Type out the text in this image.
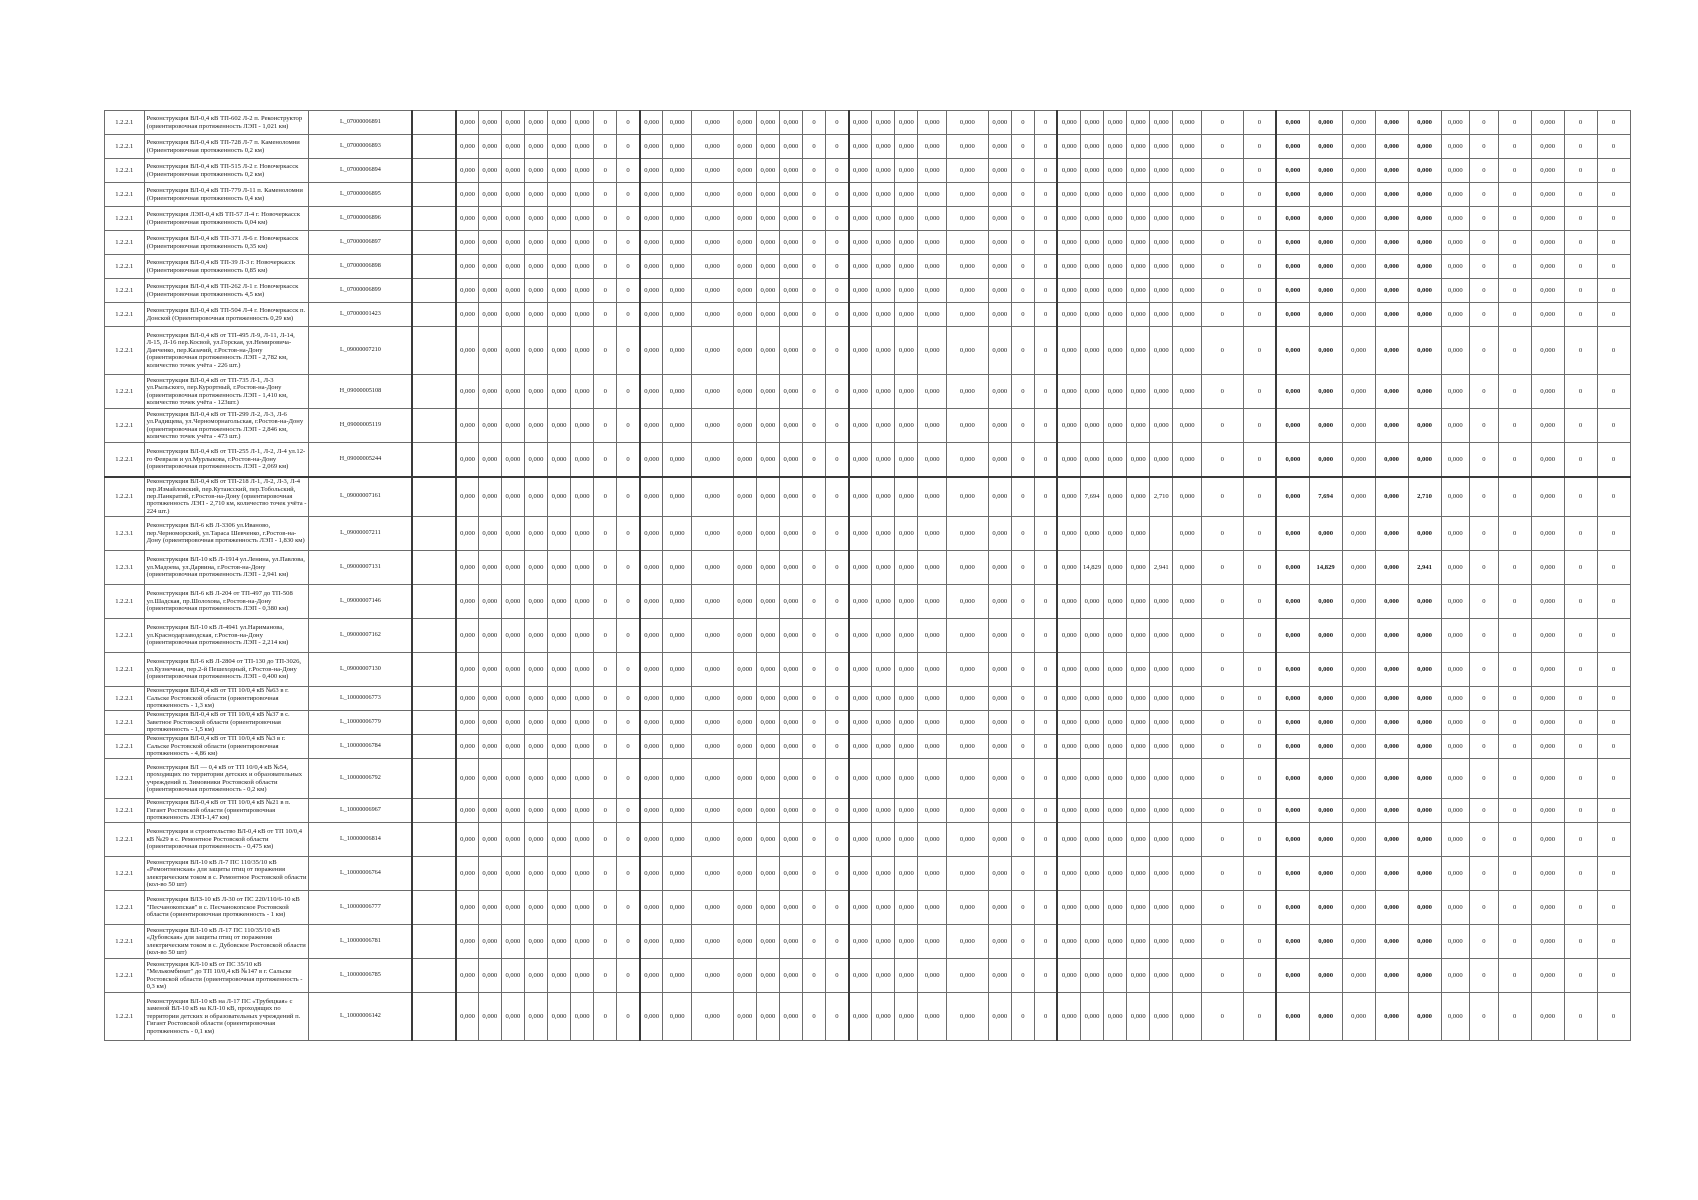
1.2.2.1	Реконструкция ВЛ-0,4 кВ ТП-602 Л-2 п. Реконструктор (ориентировочная протяженность ЛЭП - 1,021 км)	L_07000006891		0,000	0,000	0,000	0,000	0,000	0,000	0	0	0,000	0,000	0,000	0,000	0,000	0,000	0	0	0,000	0,000	0,000	0,000	0,000	0,000	0	0	0,000	0,000	0,000	0,000	0,000	0,000	0	0	0,000	0,000	0,000	0,000	0,000	0,000	0	0	0,000	0	0
1.2.2.1	Реконструкция ВЛ-0,4 кВ ТП-728 Л-7 п. Каменоломни (Ориентировочная протяженность 0,2 км)	L_07000006893		0,000	0,000	0,000	0,000	0,000	0,000	0	0	0,000	0,000	0,000	0,000	0,000	0,000	0	0	0,000	0,000	0,000	0,000	0,000	0,000	0	0	0,000	0,000	0,000	0,000	0,000	0,000	0	0	0,000	0,000	0,000	0,000	0,000	0,000	0	0	0,000	0	0
1.2.2.1	Реконструкция ВЛ-0,4 кВ ТП-515 Л-2 г. Новочеркасск (Ориентировочная протяженность 0,2 км)	L_07000006894		0,000	0,000	0,000	0,000	0,000	0,000	0	0	0,000	0,000	0,000	0,000	0,000	0,000	0	0	0,000	0,000	0,000	0,000	0,000	0,000	0	0	0,000	0,000	0,000	0,000	0,000	0,000	0	0	0,000	0,000	0,000	0,000	0,000	0,000	0	0	0,000	0	0
1.2.2.1	Реконструкция ВЛ-0,4 кВ ТП-779 Л-11 п. Каменоломни (Ориентировочная протяженность 0,4 км)	L_07000006895		0,000	0,000	0,000	0,000	0,000	0,000	0	0	0,000	0,000	0,000	0,000	0,000	0,000	0	0	0,000	0,000	0,000	0,000	0,000	0,000	0	0	0,000	0,000	0,000	0,000	0,000	0,000	0	0	0,000	0,000	0,000	0,000	0,000	0,000	0	0	0,000	0	0
1.2.2.1	Реконструкция ЛЭП-0,4 кВ ТП-57 Л-4 г. Новочеркасск (Ориентировочная протяженность 0,04 км)	L_07000006896		0,000	0,000	0,000	0,000	0,000	0,000	0	0	0,000	0,000	0,000	0,000	0,000	0,000	0	0	0,000	0,000	0,000	0,000	0,000	0,000	0	0	0,000	0,000	0,000	0,000	0,000	0,000	0	0	0,000	0,000	0,000	0,000	0,000	0,000	0	0	0,000	0	0
1.2.2.1	Реконструкция ВЛ-0,4 кВ ТП-371 Л-6 г. Новочеркасск (Ориентировочная протяженность 0,35 км)	L_07000006897		0,000	0,000	0,000	0,000	0,000	0,000	0	0	0,000	0,000	0,000	0,000	0,000	0,000	0	0	0,000	0,000	0,000	0,000	0,000	0,000	0	0	0,000	0,000	0,000	0,000	0,000	0,000	0	0	0,000	0,000	0,000	0,000	0,000	0,000	0	0	0,000	0	0
1.2.2.1	Реконструкция ВЛ-0,4 кВ ТП-39 Л-3 г. Новочеркасск (Ориентировочная протяженность 0,85 км)	L_07000006898		0,000	0,000	0,000	0,000	0,000	0,000	0	0	0,000	0,000	0,000	0,000	0,000	0,000	0	0	0,000	0,000	0,000	0,000	0,000	0,000	0	0	0,000	0,000	0,000	0,000	0,000	0,000	0	0	0,000	0,000	0,000	0,000	0,000	0,000	0	0	0,000	0	0
1.2.2.1	Реконструкция ВЛ-0,4 кВ ТП-262 Л-1 г. Новочеркасск (Ориентировочная протяженность 4,5 км)	L_07000006899		0,000	0,000	0,000	0,000	0,000	0,000	0	0	0,000	0,000	0,000	0,000	0,000	0,000	0	0	0,000	0,000	0,000	0,000	0,000	0,000	0	0	0,000	0,000	0,000	0,000	0,000	0,000	0	0	0,000	0,000	0,000	0,000	0,000	0,000	0	0	0,000	0	0
1.2.2.1	Реконструкция ВЛ-0,4 кВ ТП-504 Л-4 г. Новочеркасск п. Донской (Ориентировочная протяженность 0,29 км)	L_07000001423		0,000	0,000	0,000	0,000	0,000	0,000	0	0	0,000	0,000	0,000	0,000	0,000	0,000	0	0	0,000	0,000	0,000	0,000	0,000	0,000	0	0	0,000	0,000	0,000	0,000	0,000	0,000	0	0	0,000	0,000	0,000	0,000	0,000	0,000	0	0	0,000	0	0
1.2.2.1	Реконструкция ВЛ-0,4 кВ от ТП-495 Л-9, Л-11, Л-14, Л-15, Л-16 пер.Косвой, ул.Горская, ул.Немировича-Данченко, пер.Казачий, г.Ростов-на-Дону (ориентировочная протяженность ЛЭП - 2,782 км, количество точек учёта - 226 шт.)	L_09000007210		0,000	0,000	0,000	0,000	0,000	0,000	0	0	0,000	0,000	0,000	0,000	0,000	0,000	0	0	0,000	0,000	0,000	0,000	0,000	0,000	0	0	0,000	0,000	0,000	0,000	0,000	0,000	0	0	0,000	0,000	0,000	0,000	0,000	0,000	0	0	0,000	0	0
1.2.2.1	Реконструкция ВЛ-0,4 кВ от ТП-735 Л-1, Л-3 ул.Рыльского, пер.Курортный, г.Ростов-на-Дону (ориентировочная протяженность ЛЭП - 1,410 км, количество точек учёта - 123шт.)	H_09000005108		0,000	0,000	0,000	0,000	0,000	0,000	0	0	0,000	0,000	0,000	0,000	0,000	0,000	0	0	0,000	0,000	0,000	0,000	0,000	0,000	0	0	0,000	0,000	0,000	0,000	0,000	0,000	0	0	0,000	0,000	0,000	0,000	0,000	0,000	0	0	0,000	0	0
1.2.2.1	Реконструкция ВЛ-0,4 кВ от ТП-299 Л-2, Л-3, Л-6 ул.Радищева, ул.Черноморнагольская, г.Ростов-на-Дону (ориентировочная протяженность ЛЭП - 2,846 км, количество точек учёта - 473 шт.)	H_09000005119		0,000	0,000	0,000	0,000	0,000	0,000	0	0	0,000	0,000	0,000	0,000	0,000	0,000	0	0	0,000	0,000	0,000	0,000	0,000	0,000	0	0	0,000	0,000	0,000	0,000	0,000	0,000	0	0	0,000	0,000	0,000	0,000	0,000	0,000	0	0	0,000	0	0
1.2.2.1	Реконструкция ВЛ-0,4 кВ от ТП-255 Л-1, Л-2, Л-4 ул.12-го Февраля и ул.Мурлыкова, г.Ростов-на-Дону (ориентировочная протяженность ЛЭП - 2,069 км)	H_09000005244		0,000	0,000	0,000	0,000	0,000	0,000	0	0	0,000	0,000	0,000	0,000	0,000	0,000	0	0	0,000	0,000	0,000	0,000	0,000	0,000	0	0	0,000	0,000	0,000	0,000	0,000	0,000	0	0	0,000	0,000	0,000	0,000	0,000	0,000	0	0	0,000	0	0
1.2.2.1	Реконструкция ВЛ-0,4 кВ от ТП-218 Л-1, Л-2, Л-3, Л-4 пер.Измайловский, пер.Кутаисский, пер.Тобольский, пер.Панкратий, г.Ростов-на-Дону (ориентировочная протяженность ЛЭП - 2,710 км, количество точек учёта - 224 шт.)	L_09000007161		0,000	0,000	0,000	0,000	0,000	0,000	0	0	0,000	0,000	0,000	0,000	0,000	0,000	0	0	0,000	0,000	0,000	0,000	0,000	0,000	0	0	0,000	7,694	0,000	0,000	2,710	0,000	0	0	0,000	7,694	0,000	0,000	2,710	0,000	0	0	0,000	0	0
1.2.3.1	Реконструкция ВЛ-6 кВ Л-3306 ул.Иваново, пер.Черноморский, ул.Тараса Шевченко, г.Ростов-на-Дону (ориентировочная протяженность ЛЭП - 1,830 км)	L_09000007211		0,000	0,000	0,000	0,000	0,000	0,000	0	0	0,000	0,000	0,000	0,000	0,000	0,000	0	0	0,000	0,000	0,000	0,000	0,000	0,000	0	0	0,000	0,000	0,000	0,000		0,000	0	0	0,000	0,000	0,000	0,000	0,000	0,000	0	0	0,000	0	0
1.2.3.1	Реконструкция ВЛ-10 кВ Л-1914 ул.Ленина, ул.Павлова, ул.Мадоева, ул.Дарвина, г.Ростов-на-Дону (ориентировочная протяженность ЛЭП - 2,941 км)	L_09000007131		0,000	0,000	0,000	0,000	0,000	0,000	0	0	0,000	0,000	0,000	0,000	0,000	0,000	0	0	0,000	0,000	0,000	0,000	0,000	0,000	0	0	0,000	14,829	0,000	0,000	2,941	0,000	0	0	0,000	14,829	0,000	0,000	2,941	0,000	0	0	0,000	0	0
1.2.2.1	Реконструкция ВЛ-6 кВ Л-204 от ТП-497 до ТП-508 ул.Шадская, пр.Шолохова, г.Ростов-на-Дону (ориентировочная протяженность ЛЭП - 0,380 км)	L_09000007146		0,000	0,000	0,000	0,000	0,000	0,000	0	0	0,000	0,000	0,000	0,000	0,000	0,000	0	0	0,000	0,000	0,000	0,000	0,000	0,000	0	0	0,000	0,000	0,000	0,000	0,000	0,000	0	0	0,000	0,000	0,000	0,000	0,000	0,000	0	0	0,000	0	0
1.2.2.1	Реконструкция ВЛ-10 кВ Л-4941 ул.Нариманова, ул.Краснодарзаводская, г.Ростов-на-Дону (ориентировочная протяженность ЛЭП - 2,214 км)	L_09000007162		0,000	0,000	0,000	0,000	0,000	0,000	0	0	0,000	0,000	0,000	0,000	0,000	0,000	0	0	0,000	0,000	0,000	0,000	0,000	0,000	0	0	0,000	0,000	0,000	0,000	0,000	0,000	0	0	0,000	0,000	0,000	0,000	0,000	0,000	0	0	0,000	0	0
1.2.2.1	Реконструкция ВЛ-6 кВ Л-2804 от ТП-130 до ТП-3026, ул.Кузнечная, пер.2-й Пешеходный, г.Ростов-на-Дону (ориентировочная протяженность ЛЭП - 0,400 км)	L_09000007130		0,000	0,000	0,000	0,000	0,000	0,000	0	0	0,000	0,000	0,000	0,000	0,000	0,000	0	0	0,000	0,000	0,000	0,000	0,000	0,000	0	0	0,000	0,000	0,000	0,000	0,000	0,000	0	0	0,000	0,000	0,000	0,000	0,000	0,000	0	0	0,000	0	0
1.2.2.1	Реконструкция ВЛ-0,4 кВ от ТП 10/0,4 кВ №63 в г. Сальске Ростовской области (ориентировочная протяженность - 1,3 км)	L_10000006773		0,000	0,000	0,000	0,000	0,000	0,000	0	0	0,000	0,000	0,000	0,000	0,000	0,000	0	0	0,000	0,000	0,000	0,000	0,000	0,000	0	0	0,000	0,000	0,000	0,000	0,000	0,000	0	0	0,000	0,000	0,000	0,000	0,000	0,000	0	0	0,000	0	0
1.2.2.1	Реконструкция ВЛ-0,4 кВ от ТП 10/0,4 кВ №37 в с. Заветное Ростовской области (ориентировочная протяженность - 1,5 км)	L_10000006779		0,000	0,000	0,000	0,000	0,000	0,000	0	0	0,000	0,000	0,000	0,000	0,000	0,000	0	0	0,000	0,000	0,000	0,000	0,000	0,000	0	0	0,000	0,000	0,000	0,000	0,000	0,000	0	0	0,000	0,000	0,000	0,000	0,000	0,000	0	0	0,000	0	0
1.2.2.1	Реконструкция ВЛ-0,4 кВ от ТП 10/0,4 кВ №3 в г. Сальске Ростовской области (ориентировочная протяженность - 4,86 км)	L_10000006784		0,000	0,000	0,000	0,000	0,000	0,000	0	0	0,000	0,000	0,000	0,000	0,000	0,000	0	0	0,000	0,000	0,000	0,000	0,000	0,000	0	0	0,000	0,000	0,000	0,000	0,000	0,000	0	0	0,000	0,000	0,000	0,000	0,000	0,000	0	0	0,000	0	0
1.2.2.1	Реконструкция ВЛ — 0,4 кВ от ТП 10/0,4 кВ №54, проходящих по территории детских и образовательных учреждений п. Зимовники Ростовской области (ориентировочная протяженность - 0,2 км)	L_10000006792		0,000	0,000	0,000	0,000	0,000	0,000	0	0	0,000	0,000	0,000	0,000	0,000	0,000	0	0	0,000	0,000	0,000	0,000	0,000	0,000	0	0	0,000	0,000	0,000	0,000	0,000	0,000	0	0	0,000	0,000	0,000	0,000	0,000	0,000	0	0	0,000	0	0
1.2.2.1	Реконструкция ВЛ-0,4 кВ от ТП 10/0,4 кВ №21 в п. Гигант Ростовской области (ориентировочная протяженность ЛЭП-1,47 км)	L_10000006967		0,000	0,000	0,000	0,000	0,000	0,000	0	0	0,000	0,000	0,000	0,000	0,000	0,000	0	0	0,000	0,000	0,000	0,000	0,000	0,000	0	0	0,000	0,000	0,000	0,000	0,000	0,000	0	0	0,000	0,000	0,000	0,000	0,000	0,000	0	0	0,000	0	0
1.2.2.1	Реконструкция и строительство ВЛ-0,4 кВ от ТП 10/0,4 кВ №29 в с. Ремонтное Ростовской области (ориентировочная протяженность - 0,475 км)	L_10000006814		0,000	0,000	0,000	0,000	0,000	0,000	0	0	0,000	0,000	0,000	0,000	0,000	0,000	0	0	0,000	0,000	0,000	0,000	0,000	0,000	0	0	0,000	0,000	0,000	0,000	0,000	0,000	0	0	0,000	0,000	0,000	0,000	0,000	0,000	0	0	0,000	0	0
1.2.2.1	Реконструкция ВЛ-10 кВ Л-7 ПС 110/35/10 кВ «Ремонтненская» для защиты птиц от поражения электрическим током в с. Ремонтное Ростовской области (кол-во 50 шт)	L_10000006764		0,000	0,000	0,000	0,000	0,000	0,000	0	0	0,000	0,000	0,000	0,000	0,000	0,000	0	0	0,000	0,000	0,000	0,000	0,000	0,000	0	0	0,000	0,000	0,000	0,000	0,000	0,000	0	0	0,000	0,000	0,000	0,000	0,000	0,000	0	0	0,000	0	0
1.2.2.1	Реконструкция ВЛЗ-10 кВ Л-30 от ПС 220/110/6-10 кВ "Песчанокопская" в с. Песчанокопское Ростовской области (ориентировочная протяженность - 1 км)	L_10000006777		0,000	0,000	0,000	0,000	0,000	0,000	0	0	0,000	0,000	0,000	0,000	0,000	0,000	0	0	0,000	0,000	0,000	0,000	0,000	0,000	0	0	0,000	0,000	0,000	0,000	0,000	0,000	0	0	0,000	0,000	0,000	0,000	0,000	0,000	0	0	0,000	0	0
1.2.2.1	Реконструкция ВЛ-10 кВ Л-17 ПС 110/35/10 кВ «Дубовская» для защиты птиц от поражения электрическим током в с. Дубовское Ростовской области (кол-во 50 шт)	L_10000006781		0,000	0,000	0,000	0,000	0,000	0,000	0	0	0,000	0,000	0,000	0,000	0,000	0,000	0	0	0,000	0,000	0,000	0,000	0,000	0,000	0	0	0,000	0,000	0,000	0,000	0,000	0,000	0	0	0,000	0,000	0,000	0,000	0,000	0,000	0	0	0,000	0	0
1.2.2.1	Реконструкция КЛ-10 кВ от ПС 35/10 кВ "Мелькомбинат" до ТП 10/0,4 кВ №147 в г. Сальске Ростовской области (ориентировочная протяженность - 0,3 км)	L_10000006785		0,000	0,000	0,000	0,000	0,000	0,000	0	0	0,000	0,000	0,000	0,000	0,000	0,000	0	0	0,000	0,000	0,000	0,000	0,000	0,000	0	0	0,000	0,000	0,000	0,000	0,000	0,000	0	0	0,000	0,000	0,000	0,000	0,000	0,000	0	0	0,000	0	0
1.2.2.1	Реконструкция ВЛ-10 кВ на Л-17 ПС «Трубецкая» с заменой ВЛ-10 кВ на КЛ-10 кВ, проходящих по территории детских и образовательных учреждений п. Гигант Ростовской области (ориентировочная протяженность - 0,1 км)	L_10000006142		0,000	0,000	0,000	0,000	0,000	0,000	0	0	0,000	0,000	0,000	0,000	0,000	0,000	0	0	0,000	0,000	0,000	0,000	0,000	0,000	0	0	0,000	0,000	0,000	0,000	0,000	0,000	0	0	0,000	0,000	0,000	0,000	0,000	0,000	0	0	0,000	0	0
